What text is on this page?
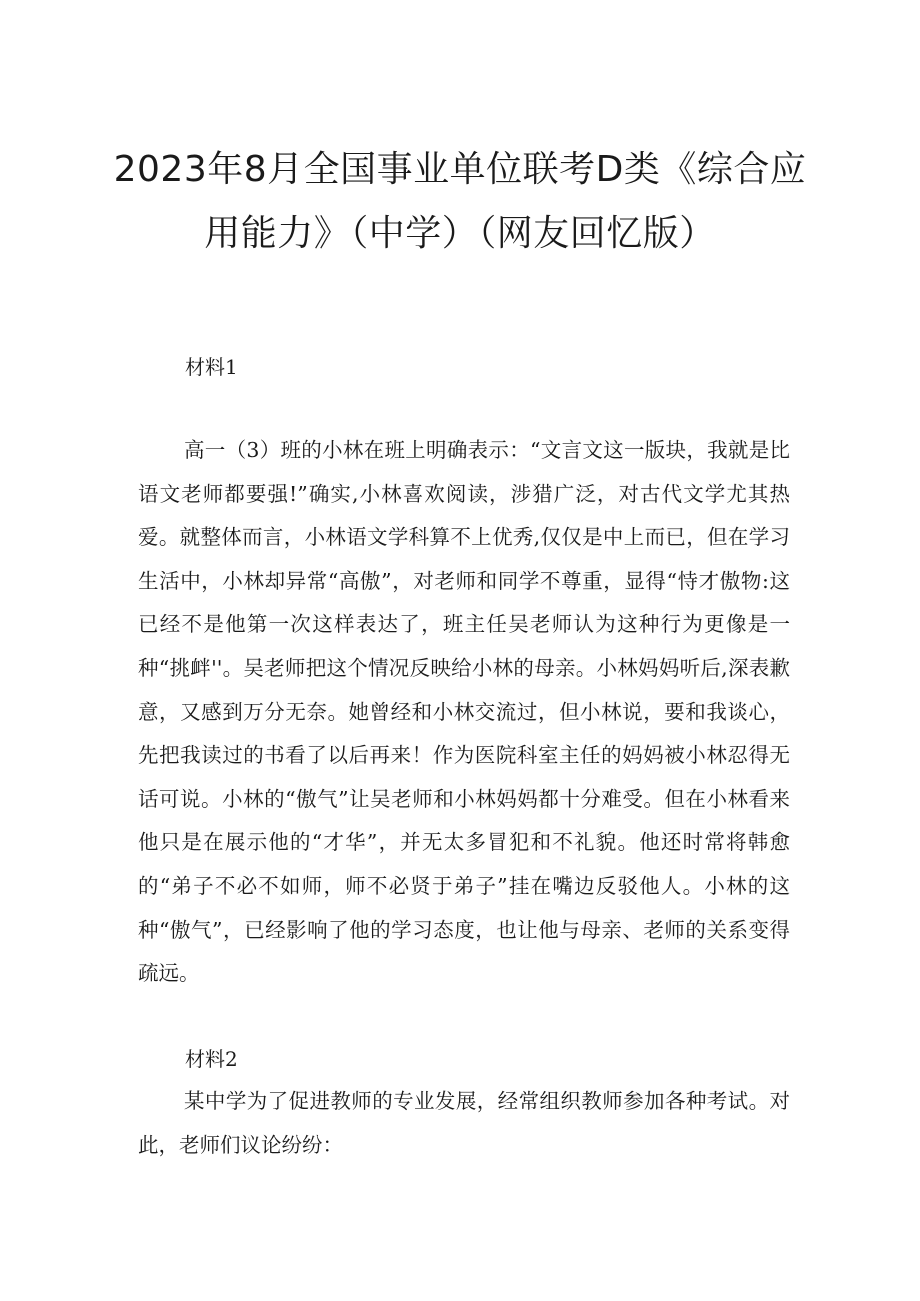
2023年8月全国事业单位联考D类《综合应
用能力》（中学）（网友回忆版）

材料1

高一（3）班的小林在班上明确表示：“文言文这一版块，我就是比语文老师都要强!”确实,小林喜欢阅读，涉猎广泛，对古代文学尤其热爱。就整体而言，小林语文学科算不上优秀,仅仅是中上而已，但在学习生活中，小林却异常“高傲”，对老师和同学不尊重，显得“恃才傲物:这已经不是他第一次这样表达了，班主任吴老师认为这种行为更像是一种“挑衅''。吴老师把这个情况反映给小林的母亲。小林妈妈听后,深表歉意，又感到万分无奈。她曾经和小林交流过，但小林说，要和我谈心，先把我读过的书看了以后再来！作为医院科室主任的妈妈被小林忍得无话可说。小林的“傲气”让吴老师和小林妈妈都十分难受。但在小林看来他只是在展示他的“才华”，并无太多冒犯和不礼貌。他还时常将韩愈的“弟子不必不如师，师不必贤于弟子”挂在嘴边反驳他人。小林的这种“傲气”，已经影响了他的学习态度，也让他与母亲、老师的关系变得疏远。

材料2

某中学为了促进教师的专业发展，经常组织教师参加各种考试。对此，老师们议论纷纷：
